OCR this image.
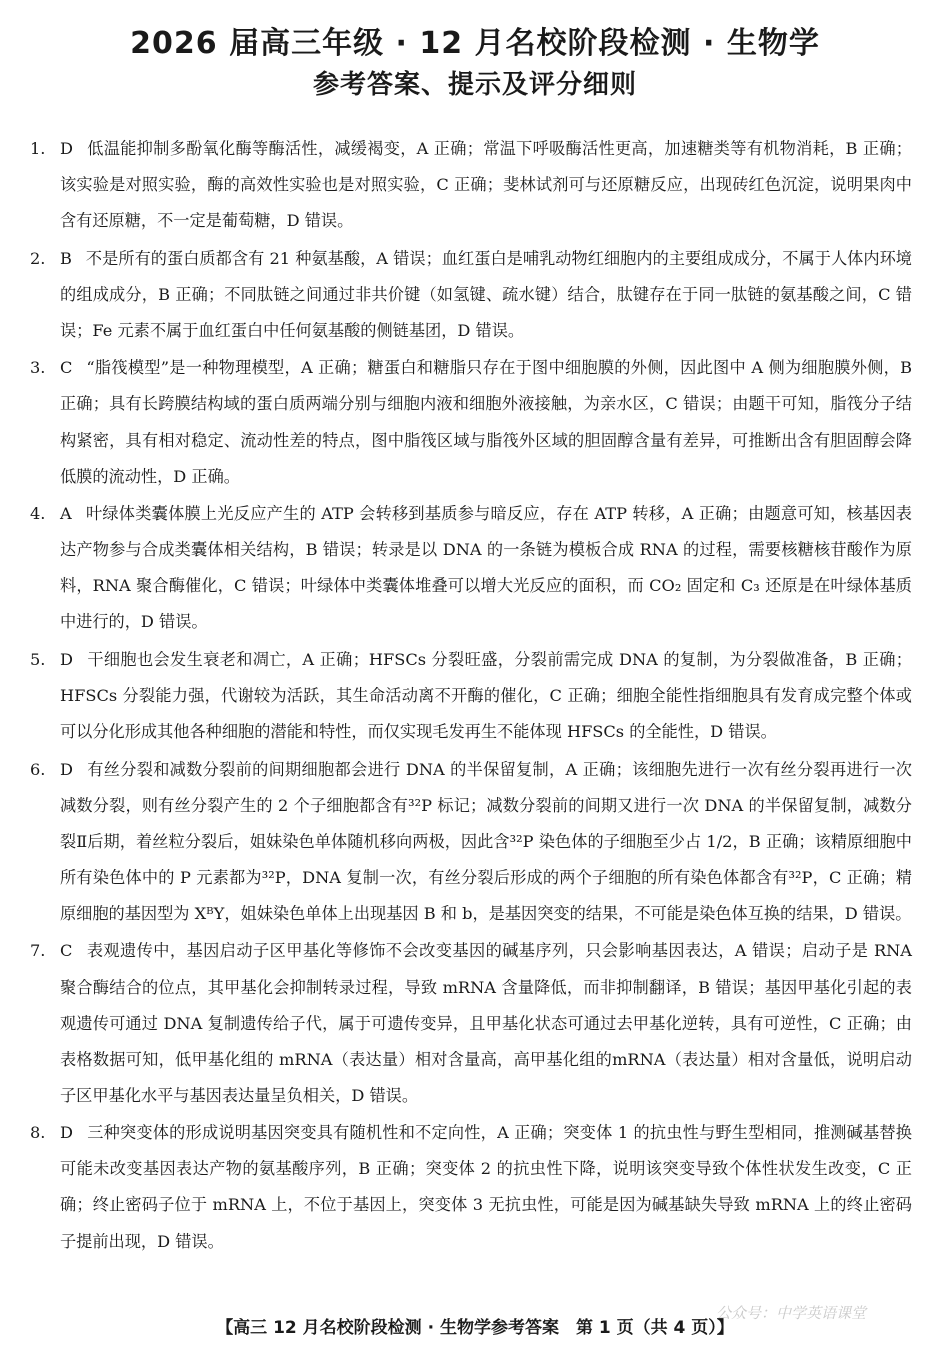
2026 届高三年级 · 12 月名校阶段检测 · 生物学
参考答案、提示及评分细则
1. D 低温能抑制多酚氧化酶等酶活性，减缓褐变，A 正确；常温下呼吸酶活性更高，加速糖类等有机物消耗，B 正确；该实验是对照实验，酶的高效性实验也是对照实验，C 正确；斐林试剂可与还原糖反应，出现砖红色沉淀，说明果肉中含有还原糖，不一定是葡萄糖，D 错误。
2. B 不是所有的蛋白质都含有 21 种氨基酸，A 错误；血红蛋白是哺乳动物红细胞内的主要组成成分，不属于人体内环境的组成成分，B 正确；不同肽链之间通过非共价键（如氢键、疏水键）结合，肽键存在于同一肽链的氨基酸之间，C 错误；Fe 元素不属于血红蛋白中任何氨基酸的侧链基团，D 错误。
3. C “脂筏模型”是一种物理模型，A 正确；糖蛋白和糖脂只存在于图中细胞膜的外侧，因此图中 A 侧为细胞膜外侧，B 正确；具有长跨膜结构域的蛋白质两端分别与细胞内液和细胞外液接触，为亲水区，C 错误；由题干可知，脂筏分子结构紧密，具有相对稳定、流动性差的特点，图中脂筏区域与脂筏外区域的胆固醇含量有差异，可推断出含有胆固醇会降低膜的流动性，D 正确。
4. A 叶绿体类囊体膜上光反应产生的 ATP 会转移到基质参与暗反应，存在 ATP 转移，A 正确；由题意可知，核基因表达产物参与合成类囊体相关结构，B 错误；转录是以 DNA 的一条链为模板合成 RNA 的过程，需要核糖核苷酸作为原料，RNA 聚合酶催化，C 错误；叶绿体中类囊体堆叠可以增大光反应的面积，而 CO₂ 固定和 C₃ 还原是在叶绿体基质中进行的，D 错误。
5. D 干细胞也会发生衰老和凋亡，A 正确；HFSCs 分裂旺盛，分裂前需完成 DNA 的复制，为分裂做准备，B 正确；HFSCs 分裂能力强，代谢较为活跃，其生命活动离不开酶的催化，C 正确；细胞全能性指细胞具有发育成完整个体或可以分化形成其他各种细胞的潜能和特性，而仅实现毛发再生不能体现 HFSCs 的全能性，D 错误。
6. D 有丝分裂和减数分裂前的间期细胞都会进行 DNA 的半保留复制，A 正确；该细胞先进行一次有丝分裂再进行一次减数分裂，则有丝分裂产生的 2 个子细胞都含有³²P 标记；减数分裂前的间期又进行一次 DNA 的半保留复制，减数分裂Ⅱ后期，着丝粒分裂后，姐妹染色单体随机移向两极，因此含³²P 染色体的子细胞至少占 1/2，B 正确；该精原细胞中所有染色体中的 P 元素都为³²P，DNA 复制一次，有丝分裂后形成的两个子细胞的所有染色体都含有³²P，C 正确；精原细胞的基因型为 XᴮY，姐妹染色单体上出现基因 B 和 b，是基因突变的结果，不可能是染色体互换的结果，D 错误。
7. C 表观遗传中，基因启动子区甲基化等修饰不会改变基因的碱基序列，只会影响基因表达，A 错误；启动子是 RNA 聚合酶结合的位点，其甲基化会抑制转录过程，导致 mRNA 含量降低，而非抑制翻译，B 错误；基因甲基化引起的表观遗传可通过 DNA 复制遗传给子代，属于可遗传变异，且甲基化状态可通过去甲基化逆转，具有可逆性，C 正确；由表格数据可知，低甲基化组的 mRNA（表达量）相对含量高，高甲基化组的mRNA（表达量）相对含量低，说明启动子区甲基化水平与基因表达量呈负相关，D 错误。
8. D 三种突变体的形成说明基因突变具有随机性和不定向性，A 正确；突变体 1 的抗虫性与野生型相同，推测碱基替换可能未改变基因表达产物的氨基酸序列，B 正确；突变体 2 的抗虫性下降，说明该突变导致个体性状发生改变，C 正确；终止密码子位于 mRNA 上，不位于基因上，突变体 3 无抗虫性，可能是因为碱基缺失导致 mRNA 上的终止密码子提前出现，D 错误。
公众号：中学英语课堂
【高三 12 月名校阶段检测 · 生物学参考答案　第 1 页（共 4 页）】
